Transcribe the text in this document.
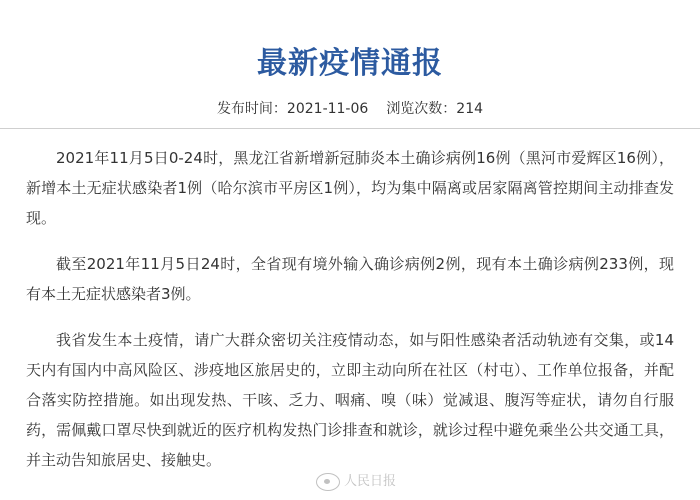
最新疫情通报
发布时间：2021-11-06 浏览次数：214

2021年11月5日0-24时，黑龙江省新增新冠肺炎本土确诊病例16例（黑河市爱辉区16例），新增本土无症状感染者1例（哈尔滨市平房区1例），均为集中隔离或居家隔离管控期间主动排查发现。

截至2021年11月5日24时，全省现有境外输入确诊病例2例，现有本土确诊病例233例，现有本土无症状感染者3例。

我省发生本土疫情，请广大群众密切关注疫情动态，如与阳性感染者活动轨迹有交集，或14天内有国内中高风险区、涉疫地区旅居史的，立即主动向所在社区（村屯）、工作单位报备，并配合落实防控措施。如出现发热、干咳、乏力、咽痛、嗅（味）觉减退、腹泻等症状，请勿自行服药，需佩戴口罩尽快到就近的医疗机构发热门诊排查和就诊，就诊过程中避免乘坐公共交通工具，并主动告知旅居史、接触史。

人民日报
